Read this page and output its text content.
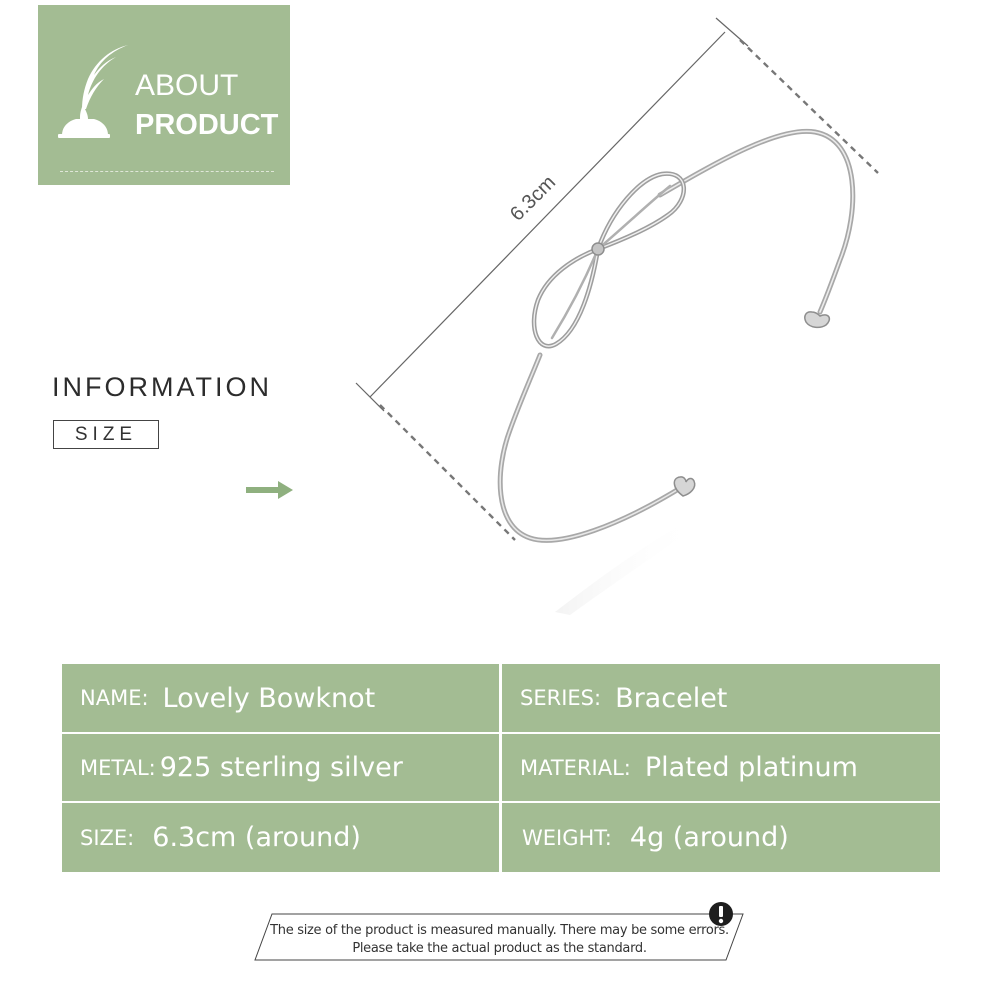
ABOUT
PRODUCT
INFORMATION
SIZE
6.3cm
NAME: Lovely Bowknot	SERIES: Bracelet
METAL: 925 sterling silver	MATERIAL: Plated platinum
SIZE: 6.3cm (around)	WEIGHT: 4g (around)
The size of the product is measured manually. There may be some errors.
Please take the actual product as the standard.
